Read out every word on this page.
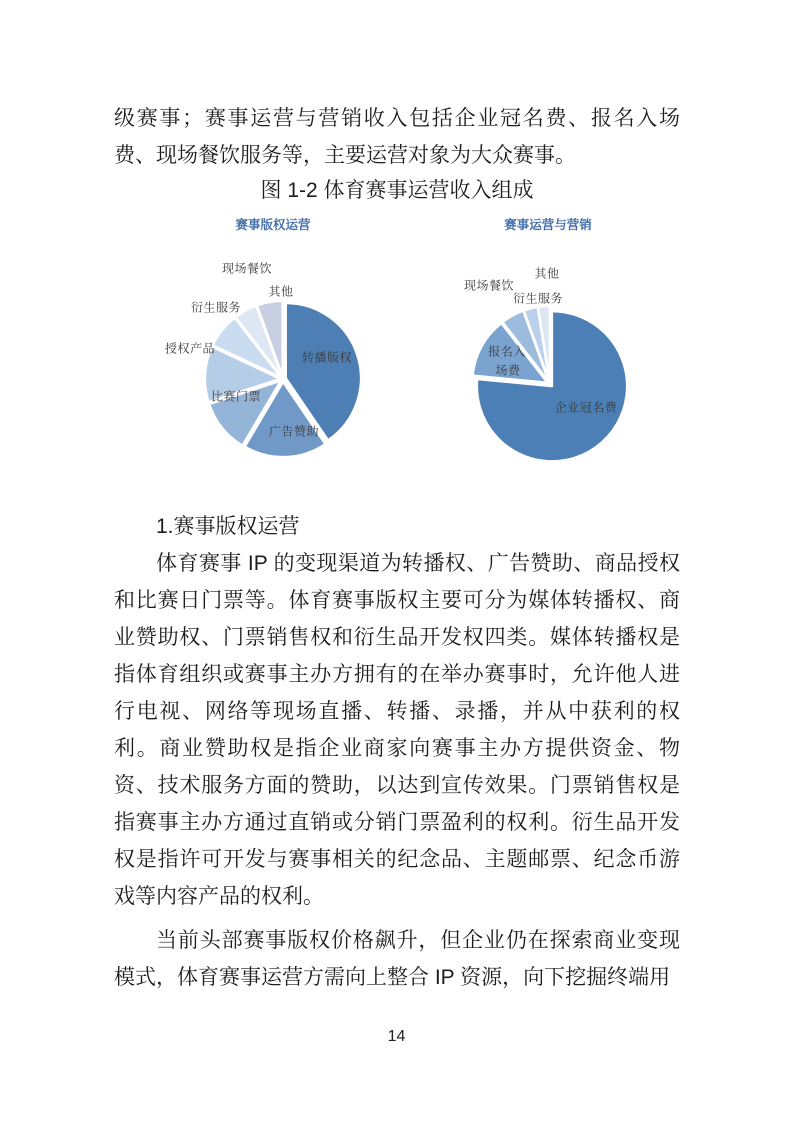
级赛事；赛事运营与营销收入包括企业冠名费、报名入场费、现场餐饮服务等，主要运营对象为大众赛事。

图 1-2 体育赛事运营收入组成

赛事版权运营
现场餐饮
其他
衍生服务
授权产品
比赛门票
转播版权
广告赞助
赛事运营与营销
其他
现场餐饮
衍生服务
报名入
场费
企业冠名费

1.赛事版权运营

体育赛事 IP 的变现渠道为转播权、广告赞助、商品授权和比赛日门票等。体育赛事版权主要可分为媒体转播权、商业赞助权、门票销售权和衍生品开发权四类。媒体转播权是指体育组织或赛事主办方拥有的在举办赛事时，允许他人进行电视、网络等现场直播、转播、录播，并从中获利的权利。商业赞助权是指企业商家向赛事主办方提供资金、物资、技术服务方面的赞助，以达到宣传效果。门票销售权是指赛事主办方通过直销或分销门票盈利的权利。衍生品开发权是指许可开发与赛事相关的纪念品、主题邮票、纪念币游戏等内容产品的权利。

当前头部赛事版权价格飙升，但企业仍在探索商业变现模式，体育赛事运营方需向上整合 IP 资源，向下挖掘终端用

14
